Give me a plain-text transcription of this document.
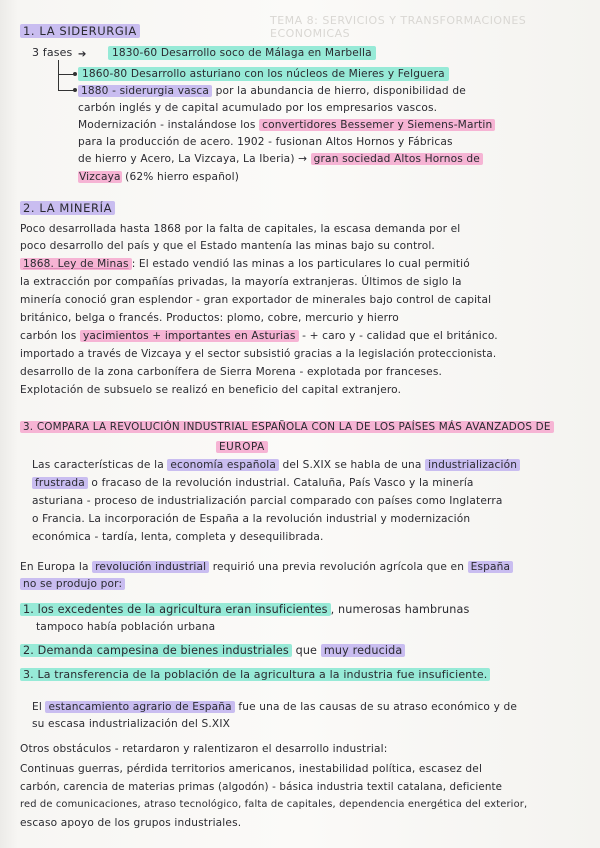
TEMA 8: SERVICIOS Y TRANSFORMACIONES ECONOMICAS
1. LA SIDERURGIA
3 fases ➔	1830-60 Desarrollo soco de Málaga en Marbella
1860-80 Desarrollo asturiano con los núcleos de Mieres y Felguera
1880 - siderurgia vasca por la abundancia de hierro, disponibilidad de
carbón inglés y de capital acumulado por los empresarios vascos.
Modernización - instalándose los convertidores Bessemer y Siemens-Martin
para la producción de acero. 1902 - fusionan Altos Hornos y Fábricas
de hierro y Acero, La Vizcaya, La Iberia) → gran sociedad Altos Hornos de
Vizcaya (62% hierro español)
2. LA MINERÍA
Poco desarrollada hasta 1868 por la falta de capitales, la escasa demanda por el
poco desarrollo del país y que el Estado mantenía las minas bajo su control.
1868. Ley de Minas : El estado vendió las minas a los particulares lo cual permitió
la extracción por compañías privadas, la mayoría extranjeras. Últimos de siglo la
minería conoció gran esplendor - gran exportador de minerales bajo control de capital
británico, belga o francés. Productos: plomo, cobre, mercurio y hierro
carbón los yacimientos + importantes en Asturias - + caro y - calidad que el británico.
importado a través de Vizcaya y el sector subsistió gracias a la legislación proteccionista.
desarrollo de la zona carbonífera de Sierra Morena - explotada por franceses.
Explotación de subsuelo se realizó en beneficio del capital extranjero.
3. COMPARA LA REVOLUCIÓN INDUSTRIAL ESPAÑOLA CON LA DE LOS PAÍSES MÁS AVANZADOS DE
EUROPA
Las características de la economía española del S.XIX se habla de una industrialización
frustrada o fracaso de la revolución industrial. Cataluña, País Vasco y la minería
asturiana - proceso de industrialización parcial comparado con países como Inglaterra
o Francia. La incorporación de España a la revolución industrial y modernización
económica - tardía, lenta, completa y desequilibrada.
En Europa la revolución industrial requirió una previa revolución agrícola que en España
no se produjo por:
1. los excedentes de la agricultura eran insuficientes , numerosas hambrunas
tampoco había población urbana
2. Demanda campesina de bienes industriales que muy reducida
3. La transferencia de la población de la agricultura a la industria fue insuficiente.
El estancamiento agrario de España fue una de las causas de su atraso económico y de
su escasa industrialización del S.XIX
Otros obstáculos - retardaron y ralentizaron el desarrollo industrial:
Continuas guerras, pérdida territorios americanos, inestabilidad política, escasez del
carbón, carencia de materias primas (algodón) - básica industria textil catalana, deficiente
red de comunicaciones, atraso tecnológico, falta de capitales, dependencia energética del exterior,
escaso apoyo de los grupos industriales.
